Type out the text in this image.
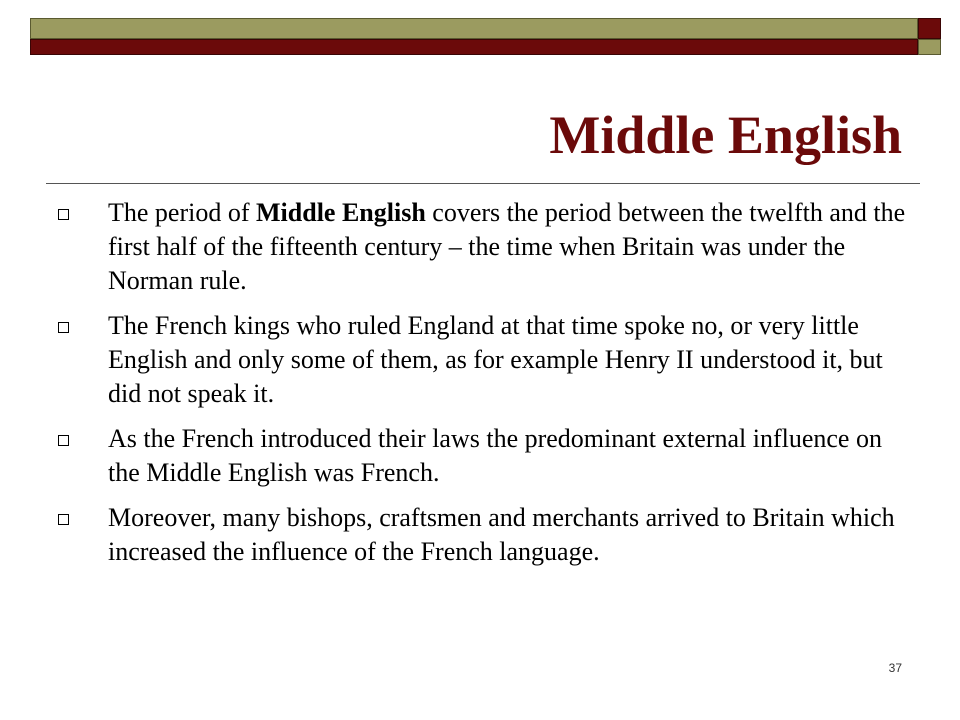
Middle English
The period of Middle English covers the period between the twelfth and the first half of the fifteenth century – the time when Britain was under the Norman rule.
The French kings who ruled England at that time spoke no, or very little English and only some of them, as for example Henry II understood it, but did not speak it.
As the French introduced their laws the predominant external influence on the Middle English was French.
Moreover, many bishops, craftsmen and merchants arrived to Britain which increased the influence of the French language.
37
